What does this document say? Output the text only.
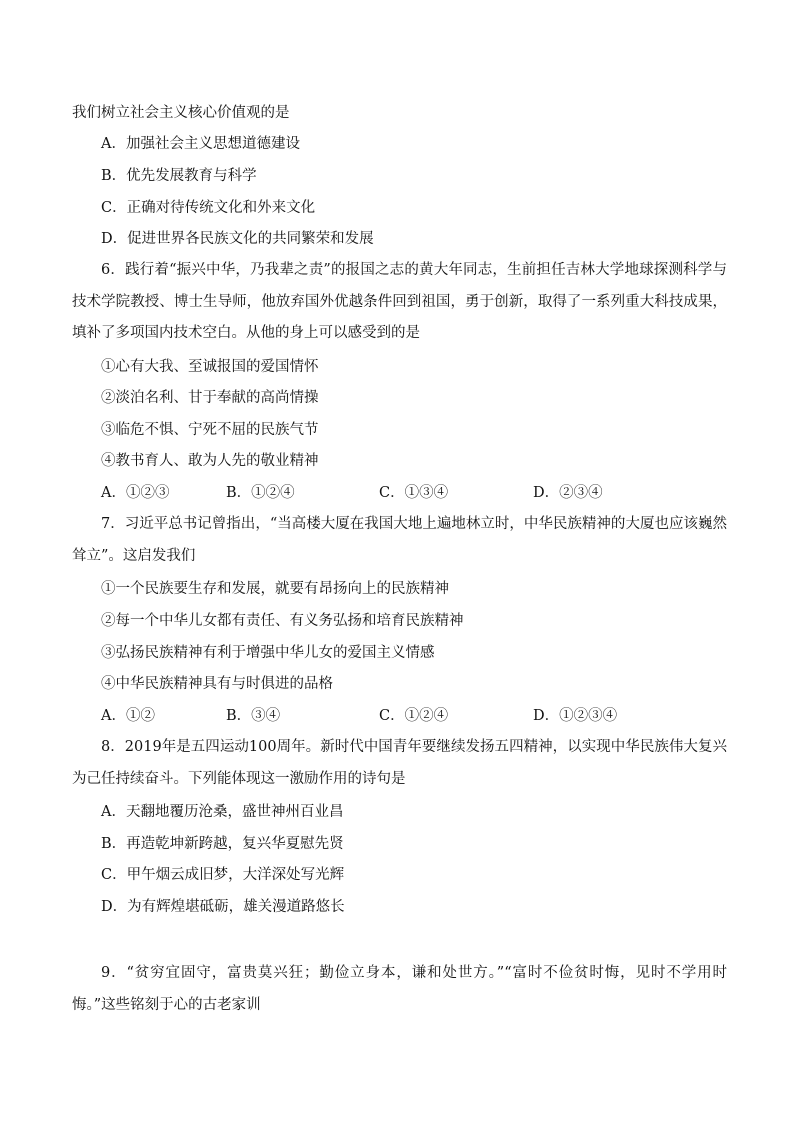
我们树立社会主义核心价值观的是
A．加强社会主义思想道德建设
B．优先发展教育与科学
C．正确对待传统文化和外来文化
D．促进世界各民族文化的共同繁荣和发展
6．践行着“振兴中华，乃我辈之责”的报国之志的黄大年同志，生前担任吉林大学地球探测科学与技术学院教授、博士生导师，他放弃国外优越条件回到祖国，勇于创新，取得了一系列重大科技成果，填补了多项国内技术空白。从他的身上可以感受到的是
①心有大我、至诚报国的爱国情怀
②淡泊名利、甘于奉献的高尚情操
③临危不惧、宁死不屈的民族气节
④教书育人、敢为人先的敬业精神
A．①②③	B．①②④	C．①③④	D．②③④
7．习近平总书记曾指出，“当高楼大厦在我国大地上遍地林立时，中华民族精神的大厦也应该巍然耸立”。这启发我们
①一个民族要生存和发展，就要有昂扬向上的民族精神
②每一个中华儿女都有责任、有义务弘扬和培育民族精神
③弘扬民族精神有利于增强中华儿女的爱国主义情感
④中华民族精神具有与时俱进的品格
A．①②	B．③④	C．①②④	D．①②③④
8．2019年是五四运动100周年。新时代中国青年要继续发扬五四精神，以实现中华民族伟大复兴为己任持续奋斗。下列能体现这一激励作用的诗句是
A．天翻地覆历沧桑，盛世神州百业昌
B．再造乾坤新跨越，复兴华夏慰先贤
C．甲午烟云成旧梦，大洋深处写光辉
D．为有辉煌堪砥砺，雄关漫道路悠长
9．“贫穷宜固守，富贵莫兴狂；勤俭立身本，谦和处世方。”“富时不俭贫时悔，见时不学用时悔。”这些铭刻于心的古老家训
